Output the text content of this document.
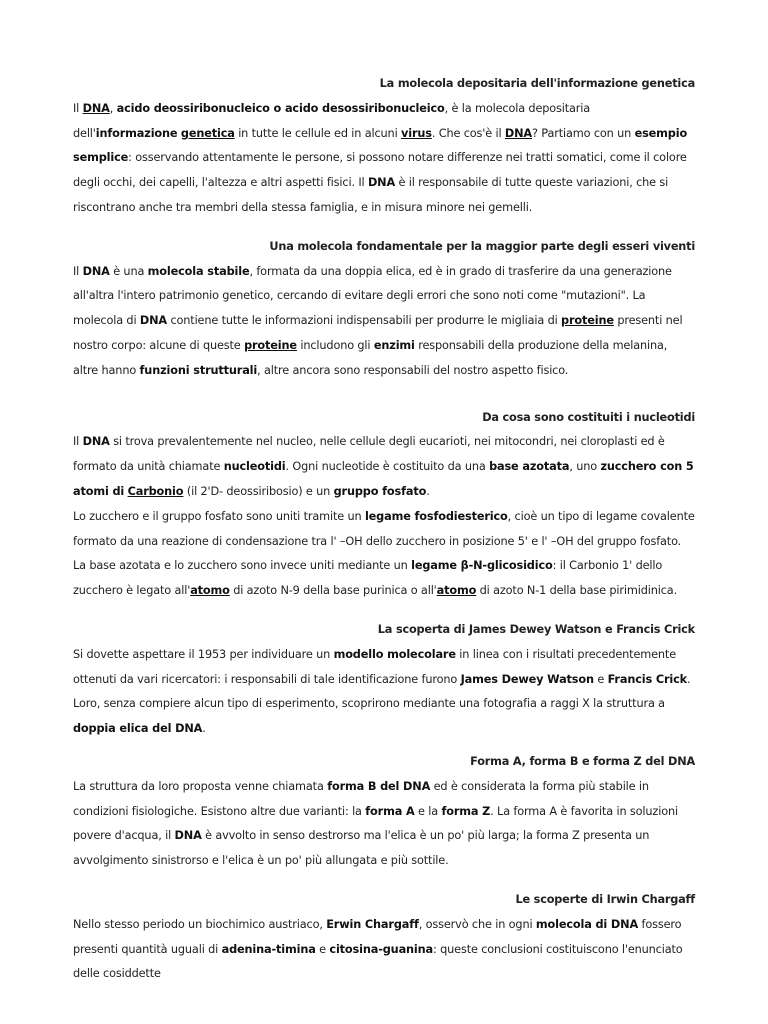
La molecola depositaria dell'informazione genetica

Il DNA, acido deossiribonucleico o acido desossiribonucleico, è la molecola depositaria dell'informazione genetica in tutte le cellule ed in alcuni virus. Che cos'è il DNA? Partiamo con un esempio semplice: osservando attentamente le persone, si possono notare differenze nei tratti somatici, come il colore degli occhi, dei capelli, l'altezza e altri aspetti fisici. Il DNA è il responsabile di tutte queste variazioni, che si riscontrano anche tra membri della stessa famiglia, e in misura minore nei gemelli.

Una molecola fondamentale per la maggior parte degli esseri viventi

Il DNA è una molecola stabile, formata da una doppia elica, ed è in grado di trasferire da una generazione all'altra l'intero patrimonio genetico, cercando di evitare degli errori che sono noti come "mutazioni". La molecola di DNA contiene tutte le informazioni indispensabili per produrre le migliaia di proteine presenti nel nostro corpo: alcune di queste proteine includono gli enzimi responsabili della produzione della melanina, altre hanno funzioni strutturali, altre ancora sono responsabili del nostro aspetto fisico.

Da cosa sono costituiti i nucleotidi

Il DNA si trova prevalentemente nel nucleo, nelle cellule degli eucarioti, nei mitocondri, nei cloroplasti ed è formato da unità chiamate nucleotidi. Ogni nucleotide è costituito da una base azotata, uno zucchero con 5 atomi di Carbonio (il 2'D- deossiribosio) e un gruppo fosfato.

Lo zucchero e il gruppo fosfato sono uniti tramite un legame fosfodiesterico, cioè un tipo di legame covalente formato da una reazione di condensazione tra l' –OH dello zucchero in posizione 5' e l' –OH del gruppo fosfato. La base azotata e lo zucchero sono invece uniti mediante un legame β-N-glicosidico: il Carbonio 1' dello zucchero è legato all'atomo di azoto N-9 della base purinica o all'atomo di azoto N-1 della base pirimidinica.

La scoperta di James Dewey Watson e Francis Crick

Si dovette aspettare il 1953 per individuare un modello molecolare in linea con i risultati precedentemente ottenuti da vari ricercatori: i responsabili di tale identificazione furono James Dewey Watson e Francis Crick. Loro, senza compiere alcun tipo di esperimento, scoprirono mediante una fotografia a raggi X la struttura a doppia elica del DNA.

Forma A, forma B e forma Z del DNA

La struttura da loro proposta venne chiamata forma B del DNA ed è considerata la forma più stabile in condizioni fisiologiche. Esistono altre due varianti: la forma A e la forma Z. La forma A è favorita in soluzioni povere d'acqua, il DNA è avvolto in senso destrorso ma l'elica è un po' più larga; la forma Z presenta un avvolgimento sinistrorso e l'elica è un po' più allungata e più sottile.

Le scoperte di Irwin Chargaff

Nello stesso periodo un biochimico austriaco, Erwin Chargaff, osservò che in ogni molecola di DNA fossero presenti quantità uguali di adenina-timina e citosina-guanina: queste conclusioni costituiscono l'enunciato delle cosiddette
